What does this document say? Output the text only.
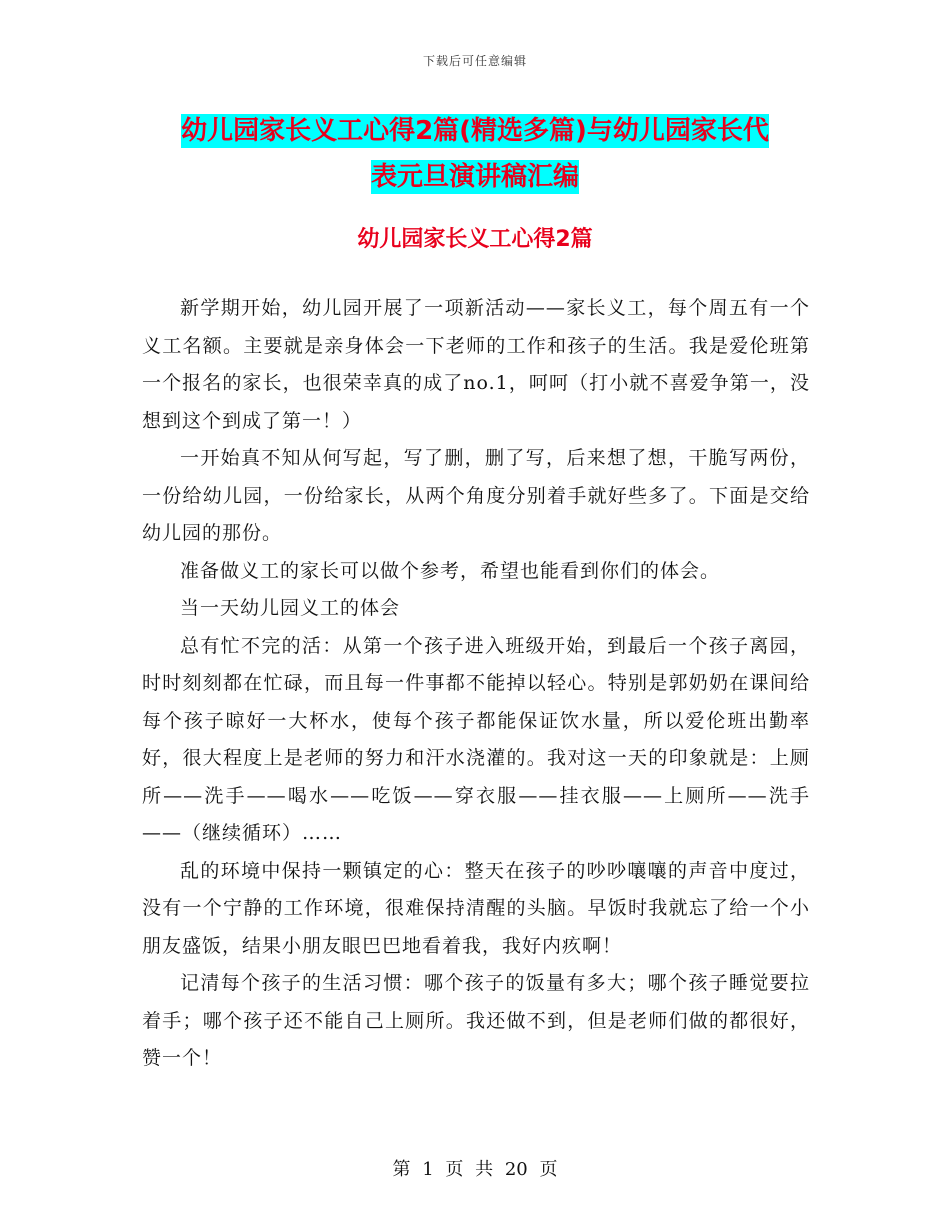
下载后可任意编辑
幼儿园家长义工心得2篇(精选多篇)与幼儿园家长代
表元旦演讲稿汇编
幼儿园家长义工心得2篇

新学期开始，幼儿园开展了一项新活动——家长义工，每个周五有一个义工名额。主要就是亲身体会一下老师的工作和孩子的生活。我是爱伦班第一个报名的家长，也很荣幸真的成了no.1，呵呵（打小就不喜爱争第一，没想到这个到成了第一！）

一开始真不知从何写起，写了删，删了写，后来想了想，干脆写两份，一份给幼儿园，一份给家长，从两个角度分别着手就好些多了。下面是交给幼儿园的那份。

准备做义工的家长可以做个参考，希望也能看到你们的体会。

当一天幼儿园义工的体会

总有忙不完的活：从第一个孩子进入班级开始，到最后一个孩子离园，时时刻刻都在忙碌，而且每一件事都不能掉以轻心。特别是郭奶奶在课间给每个孩子晾好一大杯水，使每个孩子都能保证饮水量，所以爱伦班出勤率好，很大程度上是老师的努力和汗水浇灌的。我对这一天的印象就是：上厕所——洗手——喝水——吃饭——穿衣服——挂衣服——上厕所——洗手——（继续循环）……

乱的环境中保持一颗镇定的心：整天在孩子的吵吵嚷嚷的声音中度过，没有一个宁静的工作环境，很难保持清醒的头脑。早饭时我就忘了给一个小朋友盛饭，结果小朋友眼巴巴地看着我，我好内疚啊！

记清每个孩子的生活习惯：哪个孩子的饭量有多大；哪个孩子睡觉要拉着手；哪个孩子还不能自己上厕所。我还做不到，但是老师们做的都很好，赞一个！

第 1 页 共 20 页
